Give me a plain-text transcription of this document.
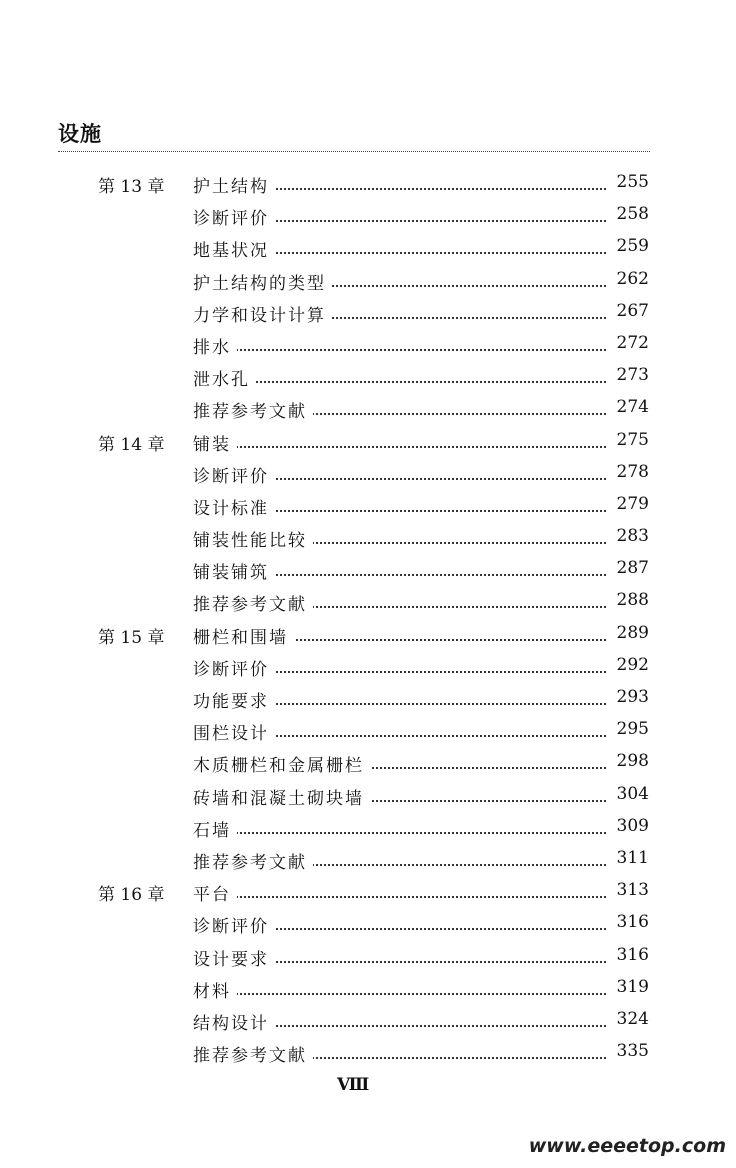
设施
第 13 章 护土结构	255
诊断评价	258
地基状况	259
护土结构的类型	262
力学和设计计算	267
排水	272
泄水孔	273
推荐参考文献	274
第 14 章 铺装	275
诊断评价	278
设计标准	279
铺装性能比较	283
铺装铺筑	287
推荐参考文献	288
第 15 章 栅栏和围墙	289
诊断评价	292
功能要求	293
围栏设计	295
木质栅栏和金属栅栏	298
砖墙和混凝土砌块墙	304
石墙	309
推荐参考文献	311
第 16 章 平台	313
诊断评价	316
设计要求	316
材料	319
结构设计	324
推荐参考文献	335
Ⅷ
www.eeeetop.com
